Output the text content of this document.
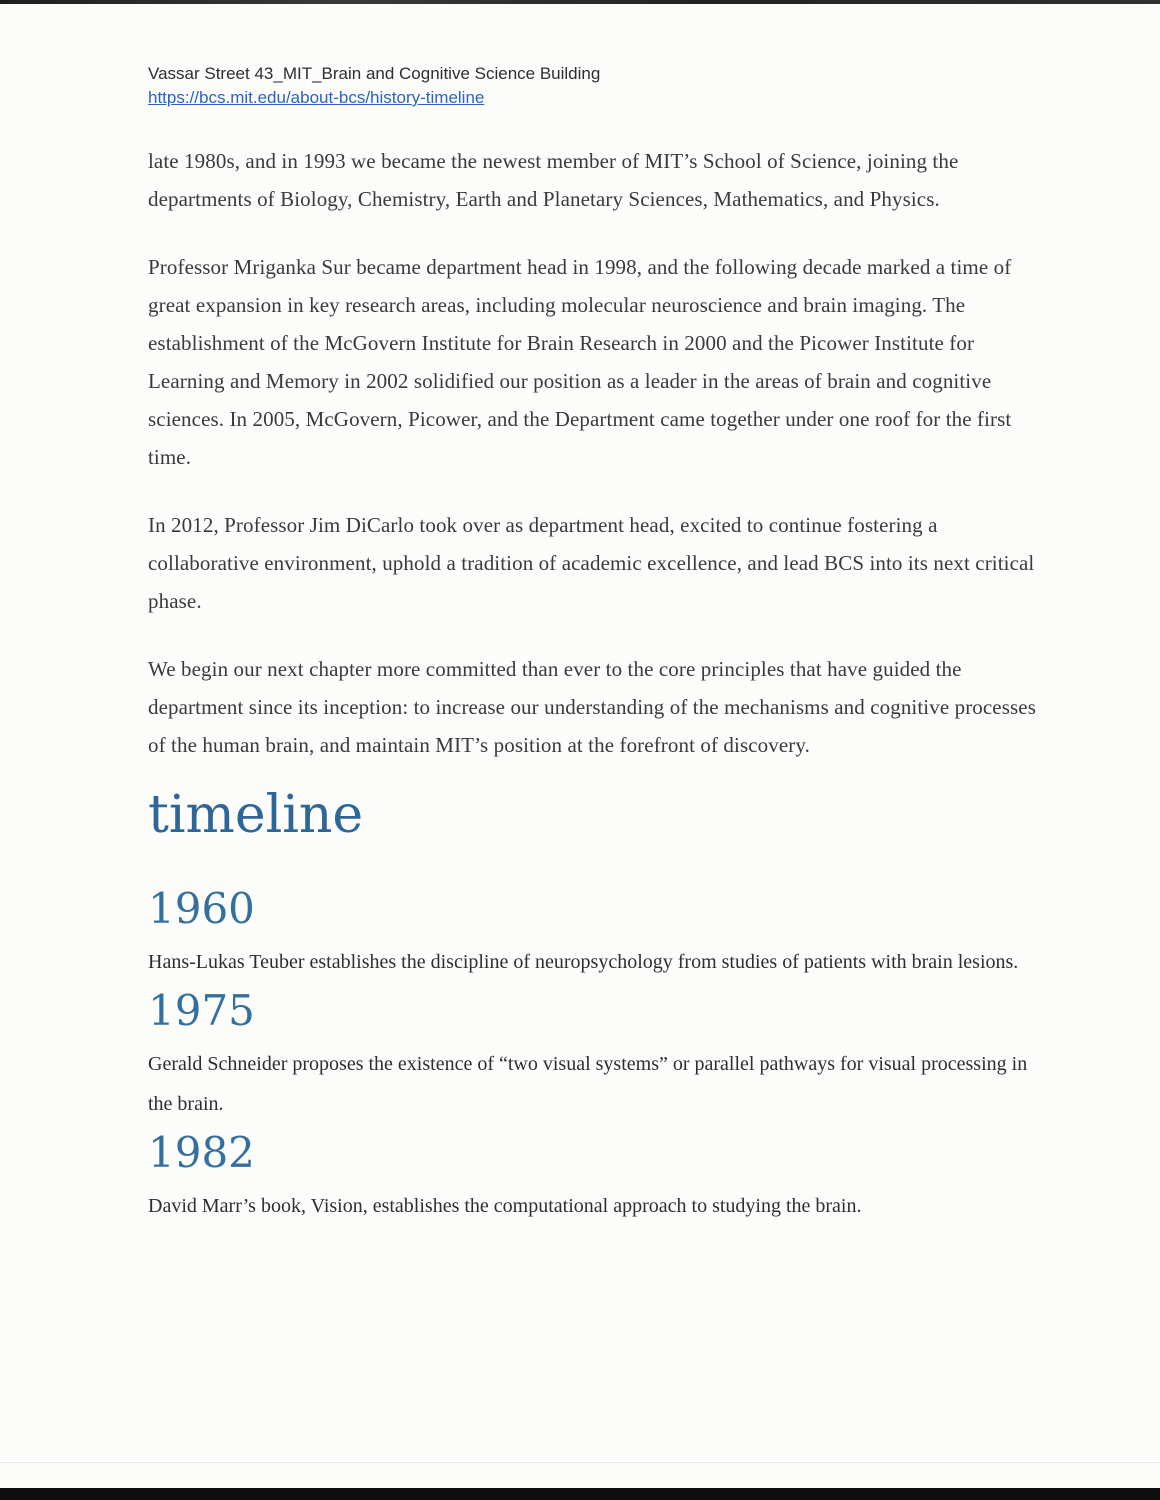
Vassar Street 43_MIT_Brain and Cognitive Science Building
https://bcs.mit.edu/about-bcs/history-timeline

late 1980s, and in 1993 we became the newest member of MIT’s School of Science, joining the departments of Biology, Chemistry, Earth and Planetary Sciences, Mathematics, and Physics.

Professor Mriganka Sur became department head in 1998, and the following decade marked a time of great expansion in key research areas, including molecular neuroscience and brain imaging. The establishment of the McGovern Institute for Brain Research in 2000 and the Picower Institute for Learning and Memory in 2002 solidified our position as a leader in the areas of brain and cognitive sciences. In 2005, McGovern, Picower, and the Department came together under one roof for the first time.

In 2012, Professor Jim DiCarlo took over as department head, excited to continue fostering a collaborative environment, uphold a tradition of academic excellence, and lead BCS into its next critical phase.

We begin our next chapter more committed than ever to the core principles that have guided the department since its inception: to increase our understanding of the mechanisms and cognitive processes of the human brain, and maintain MIT’s position at the forefront of discovery.

timeline
1960

Hans-Lukas Teuber establishes the discipline of neuropsychology from studies of patients with brain lesions.

1975

Gerald Schneider proposes the existence of “two visual systems” or parallel pathways for visual processing in the brain.

1982

David Marr’s book, Vision, establishes the computational approach to studying the brain.
